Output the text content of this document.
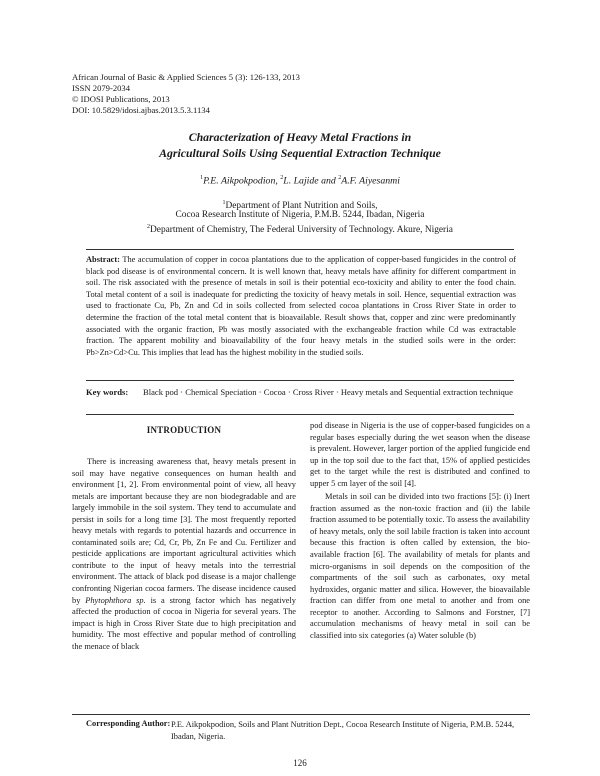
African Journal of Basic & Applied Sciences 5 (3): 126-133, 2013
ISSN 2079-2034
© IDOSI Publications, 2013
DOI: 10.5829/idosi.ajbas.2013.5.3.1134
Characterization of Heavy Metal Fractions in
Agricultural Soils Using Sequential Extraction Technique
$^1$P.E. Aikpokpodion, $^2$L. Lajide and $^2$A.F. Aiyesanmi
$^1$Department of Plant Nutrition and Soils,
Cocoa Research Institute of Nigeria, P.M.B. 5244, Ibadan, Nigeria
$^2$Department of Chemistry, The Federal University of Technology. Akure, Nigeria
Abstract: The accumulation of copper in cocoa plantations due to the application of copper-based fungicides in the control of black pod disease is of environmental concern. It is well known that, heavy metals have affinity for different compartment in soil. The risk associated with the presence of metals in soil is their potential eco-toxicity and ability to enter the food chain. Total metal content of a soil is inadequate for predicting the toxicity of heavy metals in soil. Hence, sequential extraction was used to fractionate Cu, Pb, Zn and Cd in soils collected from selected cocoa plantations in Cross River State in order to determine the fraction of the total metal content that is bioavailable. Result shows that, copper and zinc were predominantly associated with the organic fraction, Pb was mostly associated with the exchangeable fraction while Cd was extractable fraction. The apparent mobility and bioavailability of the four heavy metals in the studied soils were in the order: Pb>Zn>Cd>Cu. This implies that lead has the highest mobility in the studied soils.
Key words: Black pod · Chemical Speciation · Cocoa · Cross River · Heavy metals and Sequential extraction technique
INTRODUCTION

There is increasing awareness that, heavy metals present in soil may have negative consequences on human health and environment [1, 2]. From environmental point of view, all heavy metals are important because they are non biodegradable and are largely immobile in the soil system. They tend to accumulate and persist in soils for a long time [3]. The most frequently reported heavy metals with regards to potential hazards and occurrence in contaminated soils are; Cd, Cr, Pb, Zn Fe and Cu. Fertilizer and pesticide applications are important agricultural activities which contribute to the input of heavy metals into the terrestrial environment. The attack of black pod disease is a major challenge confronting Nigerian cocoa farmers. The disease incidence caused by Phytophthora sp. is a strong factor which has negatively affected the production of cocoa in Nigeria for several years. The impact is high in Cross River State due to high precipitation and humidity. The most effective and popular method of controlling the menace of black

pod disease in Nigeria is the use of copper-based fungicides on a regular bases especially during the wet season when the disease is prevalent. However, larger portion of the applied fungicide end up in the top soil due to the fact that, 15% of applied pesticides get to the target while the rest is distributed and confined to upper 5 cm layer of the soil [4].

Metals in soil can be divided into two fractions [5]: (i) Inert fraction assumed as the non-toxic fraction and (ii) the labile fraction assumed to be potentially toxic. To assess the availability of heavy metals, only the soil labile fraction is taken into account because this fraction is often called by extension, the bio-available fraction [6]. The availability of metals for plants and micro-organisms in soil depends on the composition of the compartments of the soil such as carbonates, oxy metal hydroxides, organic matter and silica. However, the bioavailable fraction can differ from one metal to another and from one receptor to another. According to Salmons and Forstner, [7] accumulation mechanisms of heavy metal in soil can be classified into six categories (a) Water soluble (b)

Corresponding Author: P.E. Aikpokpodion, Soils and Plant Nutrition Dept., Cocoa Research Institute of Nigeria, P.M.B. 5244, Ibadan, Nigeria.
126
